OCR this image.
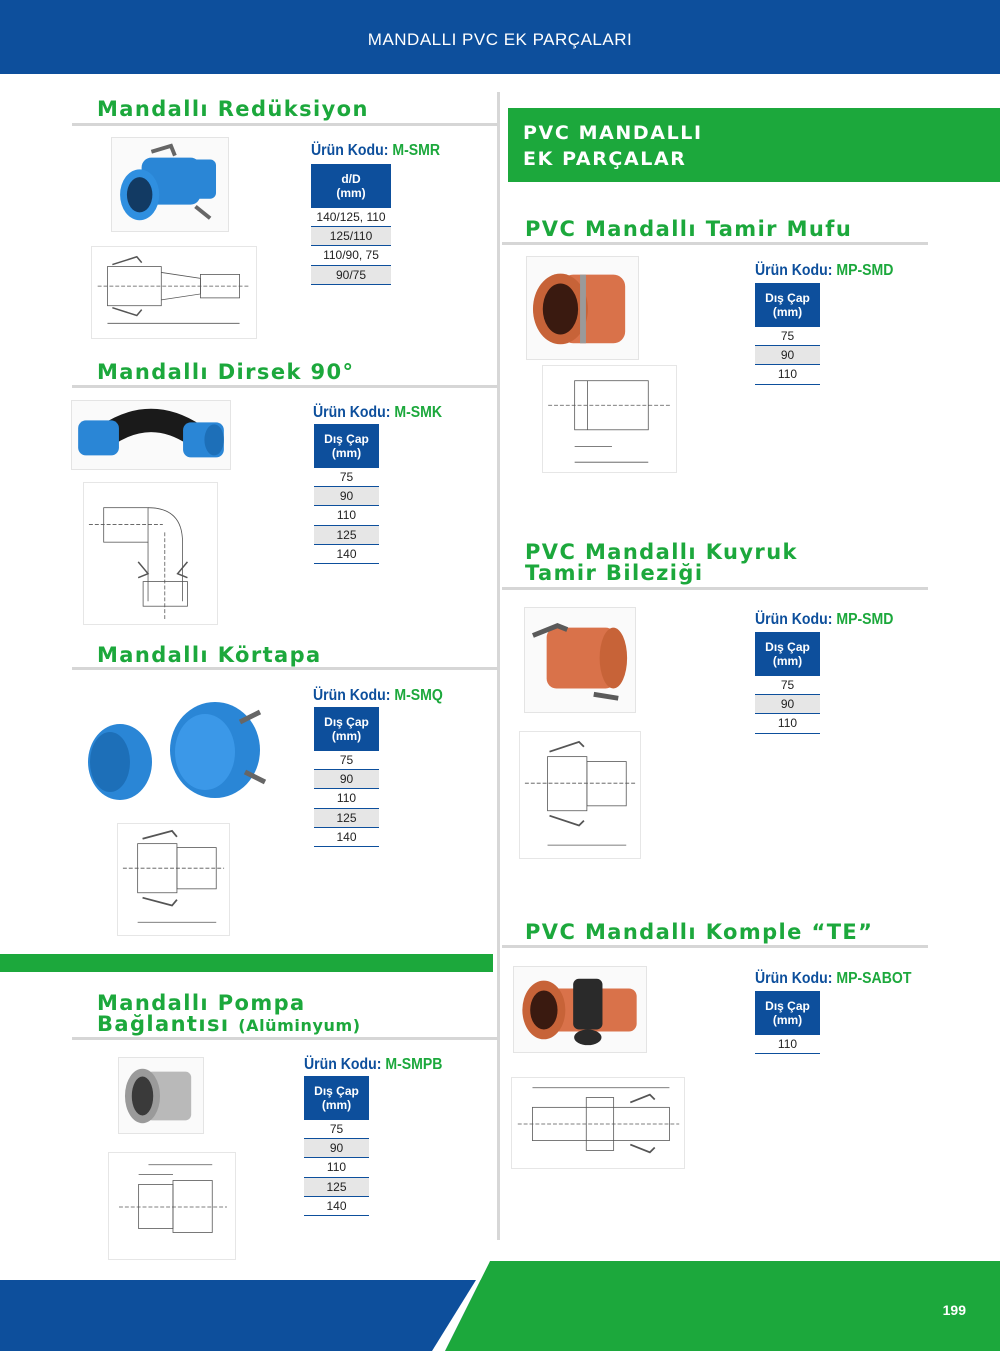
MANDALLI PVC EK PARÇALARI
Mandallı Redüksiyon
Ürün Kodu: M-SMR
d/D
(mm)
140/125, 110
125/110
110/90, 75
90/75
Mandallı Dirsek 90°
Ürün Kodu: M-SMK
Dış Çap
(mm)
75
90
110
125
140
Mandallı Körtapa
Ürün Kodu: M-SMQ
Dış Çap
(mm)
75
90
110
125
140
Mandallı Pompa
Bağlantısı (Alüminyum)
Ürün Kodu: M-SMPB
Dış Çap
(mm)
75
90
110
125
140
PVC MANDALLI
EK PARÇALAR
PVC Mandallı Tamir Mufu
Ürün Kodu: MP-SMD
Dış Çap
(mm)
75
90
110
PVC Mandallı Kuyruk
Tamir Bileziği
Ürün Kodu: MP-SMD
Dış Çap
(mm)
75
90
110
PVC Mandallı Komple “TE”
Ürün Kodu: MP-SABOT
Dış Çap
(mm)
110
199
